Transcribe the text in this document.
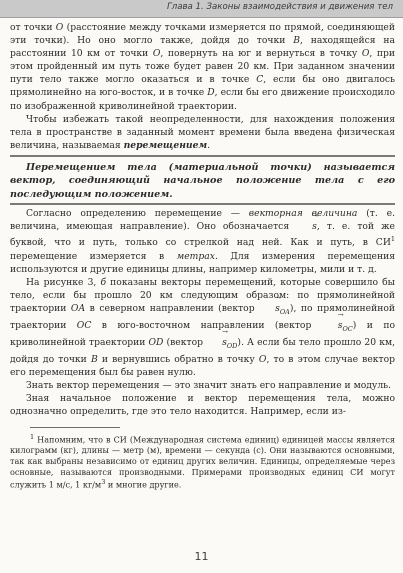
Глава 1. Законы взаимодействия и движения тел

от точки O (расстояние между точками измеряется по прямой, соединяющей эти точки). Но оно могло также, дойдя до точки B, находящейся на расстоянии 10 км от точки O, повернуть на юг и вернуться в точку O, при этом пройденный им путь тоже будет равен 20 км. При заданном значении пути тело также могло оказаться и в точке C, если бы оно двигалось прямолинейно на юго-восток, и в точке D, если бы его движение происходило по изображенной криволинейной траектории.

Чтобы избежать такой неопределенности, для нахождения положения тела в пространстве в заданный момент времени была введена физическая величина, называемая перемещением.

Перемещением тела (материальной точки) называется вектор, соединяющий начальное положение тела с его последующим положением.

Согласно определению перемещение — векторная величина (т. е. величина, имеющая направление). Оно обозначается → s, т. е. той же буквой, что и путь, только со стрелкой над ней. Как и путь, в $СИ^1$ перемещение измеряется в метрах. Для измерения перемещения используются и другие единицы длины, например километры, мили и т. д.

На рисунке 3, б показаны векторы перемещений, которые совершило бы тело, если бы прошло 20 км следующим образом: по прямолинейной траектории OA в северном направлении (вектор → $s_{OA}$), по прямолинейной траектории OC в юго-восточном направлении (вектор → $s_{OC}$) и по криволинейной траектории OD (вектор → $s_{OD}$). А если бы тело прошло 20 км, дойдя до точки B и вернувшись обратно в точку O, то в этом случае вектор его перемещения был бы равен нулю.

Знать вектор перемещения — это значит знать его направление и модуль.

Зная начальное положение и вектор перемещения тела, можно однозначно определить, где это тело находится. Например, если из-

$^1$ Напомним, что в СИ (Международная система единиц) единицей массы является килограмм (кг), длины — метр (м), времени — секунда (с). Они называются основными, так как выбраны независимо от единиц других величин. Единицы, определяемые через основные, называются производными. Примерами производных единиц СИ могут служить 1 м/с, 1 $кг/м^3$ и многие другие.

11
